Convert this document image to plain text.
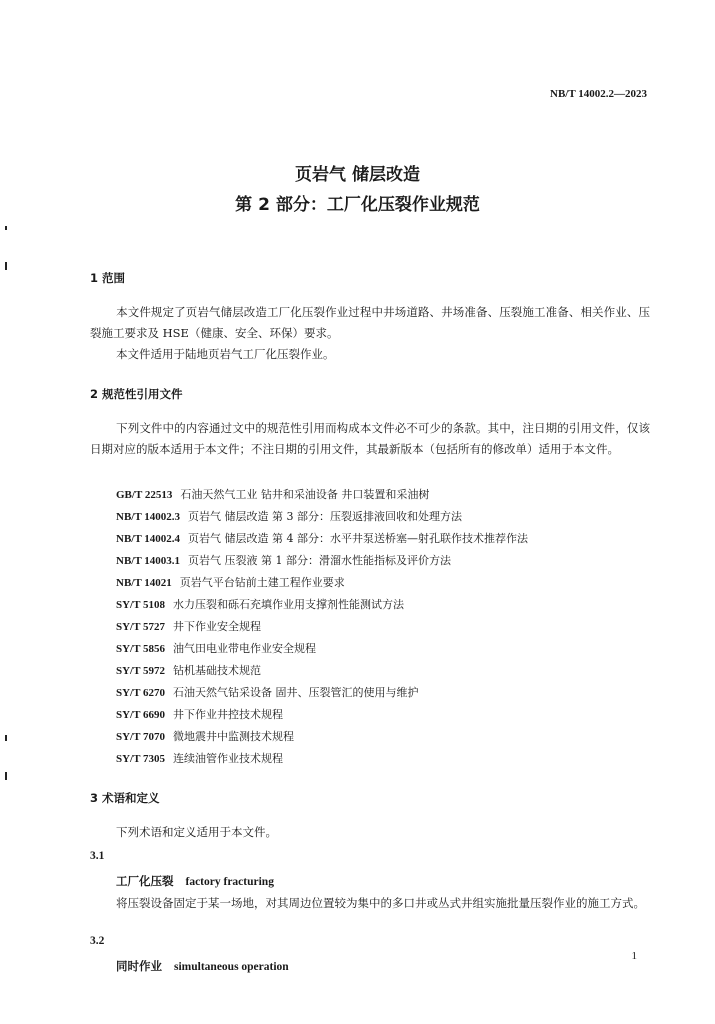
NB/T 14002.2—2023
页岩气 储层改造
第 2 部分：工厂化压裂作业规范
1 范围
本文件规定了页岩气储层改造工厂化压裂作业过程中井场道路、井场准备、压裂施工准备、相关作业、压裂施工要求及 HSE（健康、安全、环保）要求。
本文件适用于陆地页岩气工厂化压裂作业。
2 规范性引用文件
下列文件中的内容通过文中的规范性引用而构成本文件必不可少的条款。其中，注日期的引用文件，仅该日期对应的版本适用于本文件；不注日期的引用文件，其最新版本（包括所有的修改单）适用于本文件。
GB/T 22513 石油天然气工业 钻井和采油设备 井口装置和采油树
NB/T 14002.3 页岩气 储层改造 第 3 部分：压裂返排液回收和处理方法
NB/T 14002.4 页岩气 储层改造 第 4 部分：水平井泵送桥塞—射孔联作技术推荐作法
NB/T 14003.1 页岩气 压裂液 第 1 部分：滑溜水性能指标及评价方法
NB/T 14021 页岩气平台钻前土建工程作业要求
SY/T 5108 水力压裂和砾石充填作业用支撑剂性能测试方法
SY/T 5727 井下作业安全规程
SY/T 5856 油气田电业带电作业安全规程
SY/T 5972 钻机基础技术规范
SY/T 6270 石油天然气钻采设备 固井、压裂管汇的使用与维护
SY/T 6690 井下作业井控技术规程
SY/T 7070 微地震井中监测技术规程
SY/T 7305 连续油管作业技术规程
3 术语和定义
下列术语和定义适用于本文件。
3.1
工厂化压裂 factory fracturing
将压裂设备固定于某一场地，对其周边位置较为集中的多口井或丛式井组实施批量压裂作业的施工方式。
3.2
同时作业 simultaneous operation
1
